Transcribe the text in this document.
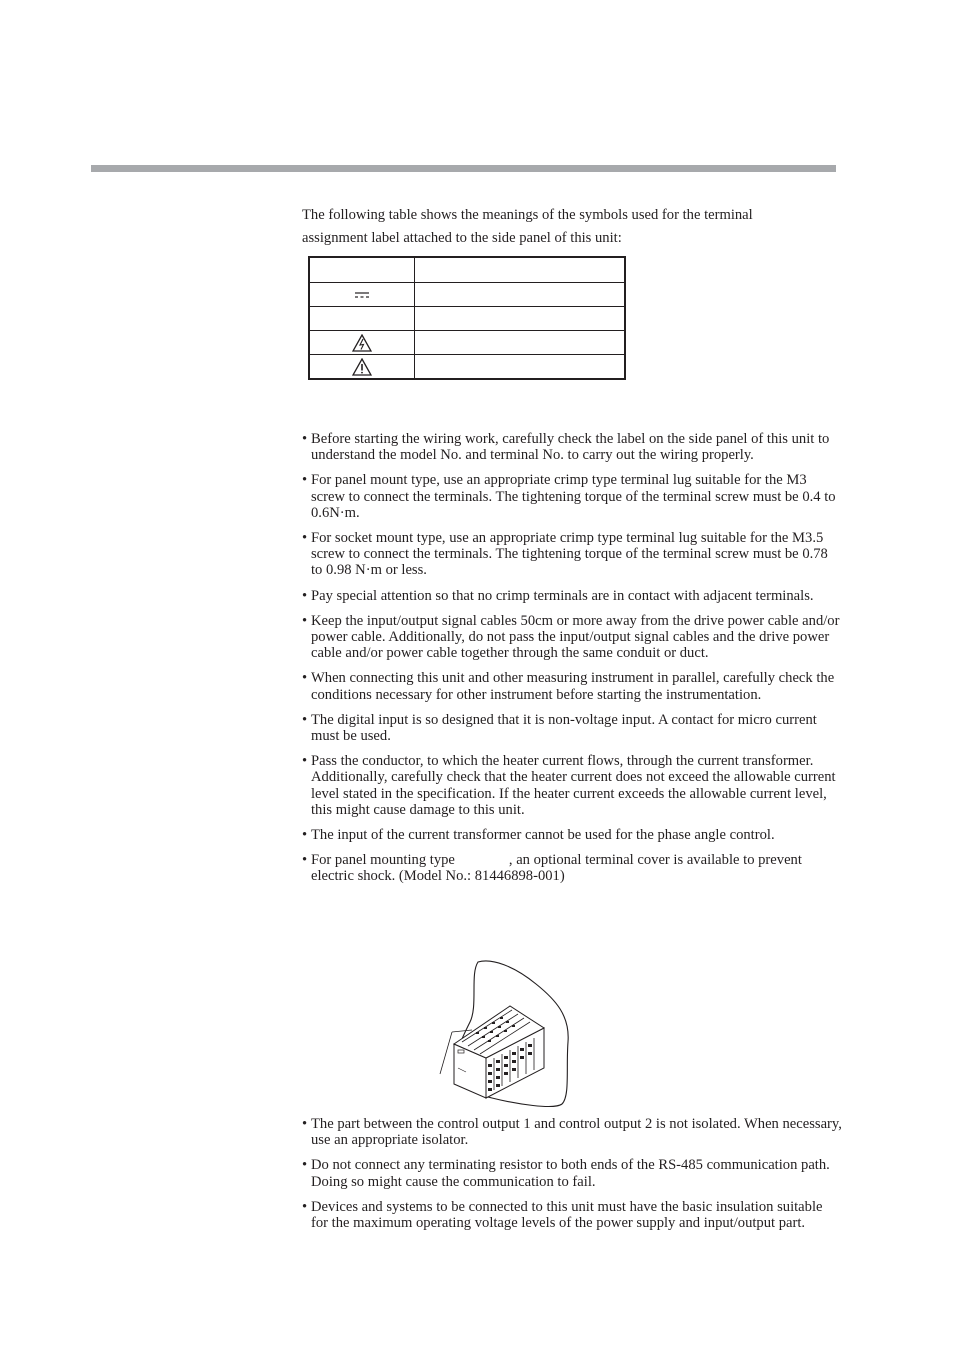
The following table shows the meanings of the symbols used for the terminal
assignment label attached to the side panel of this unit:

• Before starting the wiring work, carefully check the label on the side panel of this unit to understand the model No. and terminal No. to carry out the wiring properly.
• For panel mount type, use an appropriate crimp type terminal lug suitable for the M3 screw to connect the terminals. The tightening torque of the terminal screw must be 0.4 to 0.6N·m.
• For socket mount type, use an appropriate crimp type terminal lug suitable for the M3.5 screw to connect the terminals. The tightening torque of the terminal screw must be 0.78 to 0.98 N·m or less.
• Pay special attention so that no crimp terminals are in contact with adjacent terminals.
• Keep the input/output signal cables 50cm or more away from the drive power cable and/or power cable. Additionally, do not pass the input/output signal cables and the drive power cable and/or power cable together through the same conduit or duct.
• When connecting this unit and other measuring instrument in parallel, carefully check the conditions necessary for other instrument before starting the instrumentation.
• The digital input is so designed that it is non-voltage input. A contact for micro current must be used.
• Pass the conductor, to which the heater current flows, through the current transformer. Additionally, carefully check that the heater current does not exceed the allowable current level stated in the specification. If the heater current exceeds the allowable current level, this might cause damage to this unit.
• The input of the current transformer cannot be used for the phase angle control.
• For panel mounting type	, an optional terminal cover is available to prevent electric shock. (Model No.: 81446898-001)
• The part between the control output 1 and control output 2 is not isolated. When necessary, use an appropriate isolator.
• Do not connect any terminating resistor to both ends of the RS-485 communication path. Doing so might cause the communication to fail.
• Devices and systems to be connected to this unit must have the basic insulation suitable for the maximum operating voltage levels of the power supply and input/output part.
